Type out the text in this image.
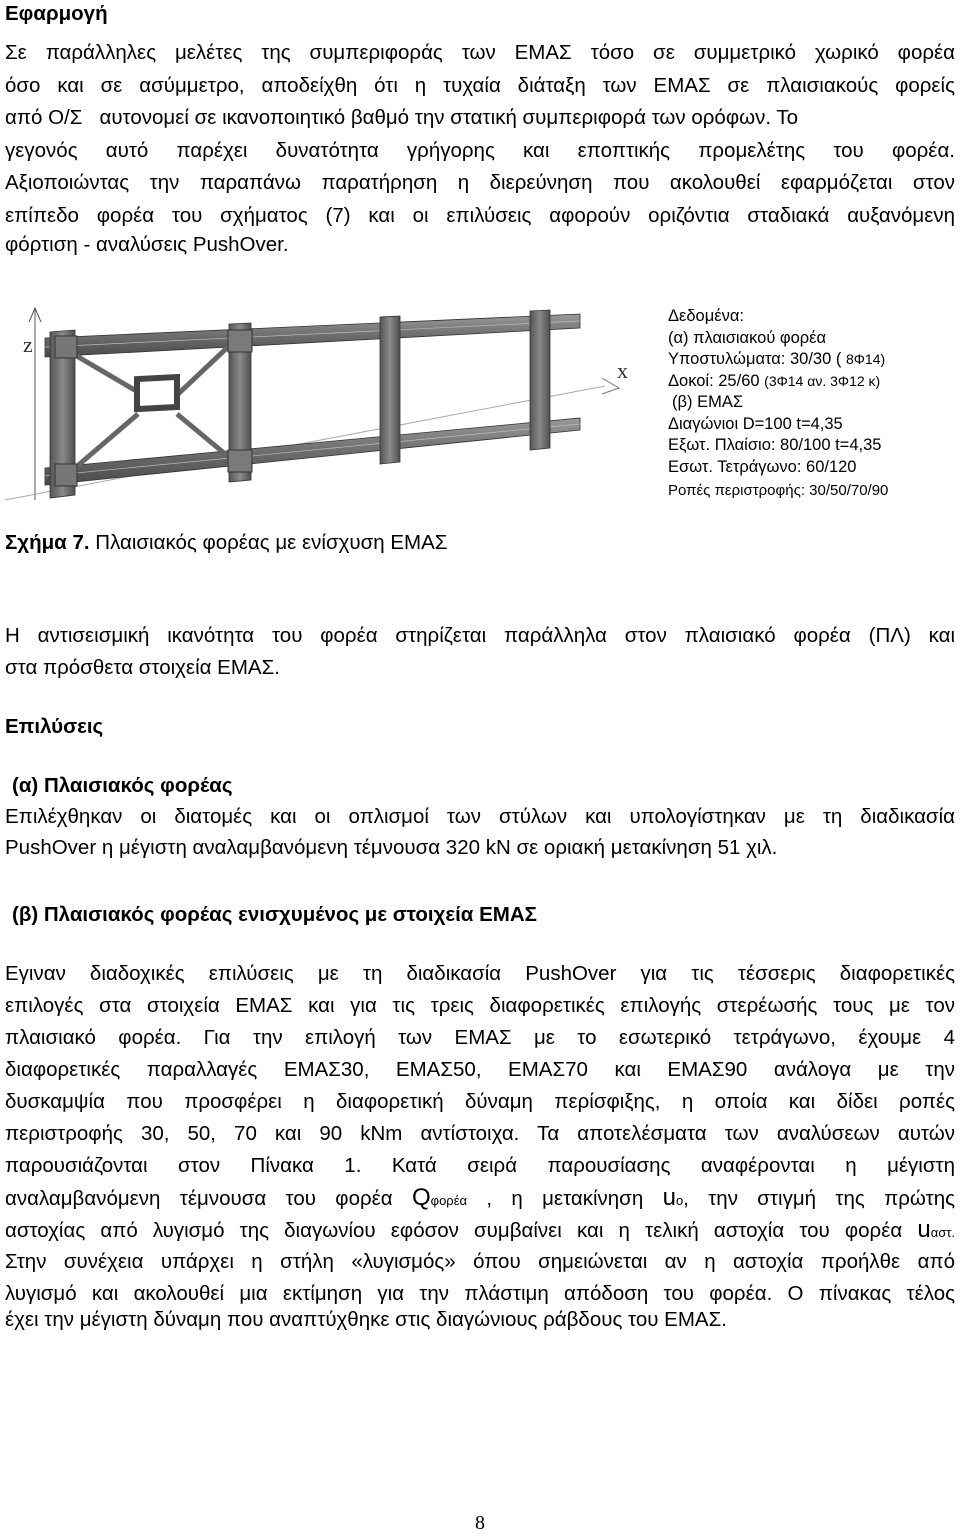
Εφαρμογή
Σε παράλληλες μελέτες της συμπεριφοράς των ΕΜΑΣ τόσο σε συμμετρικό χωρικό φορέα
όσο και σε ασύμμετρο, αποδείχθη ότι η τυχαία διάταξη των ΕΜΑΣ σε πλαισιακούς φορείς
από Ο/Σ   αυτονομεί σε ικανοποιητικό βαθμό την στατική συμπεριφορά των ορόφων. Το
γεγονός αυτό παρέχει δυνατότητα γρήγορης και εποπτικής προμελέτης του φορέα.
Αξιοποιώντας την παραπάνω παρατήρηση η διερεύνηση που ακολουθεί εφαρμόζεται στον
επίπεδο φορέα του σχήματος (7) και οι επιλύσεις αφορούν οριζόντια σταδιακά αυξανόμενη
φόρτιση - αναλύσεις PushOver.
z
x
Δεδομένα:
(α) πλαισιακού φορέα
Υποστυλώματα: 30/30 ( 8Φ14)
Δοκοί: 25/60 (3Φ14 αν. 3Φ12 κ)
(β) ΕΜΑΣ
Διαγώνιοι D=100 t=4,35
Εξωτ. Πλαίσιο: 80/100 t=4,35
Εσωτ. Τετράγωνο: 60/120
Ροπές περιστροφής: 30/50/70/90
Σχήμα 7. Πλαισιακός φορέας με ενίσχυση ΕΜΑΣ
Η αντισεισμική ικανότητα του φορέα στηρίζεται παράλληλα στον πλαισιακό φορέα (ΠΛ) και
στα πρόσθετα στοιχεία ΕΜΑΣ.
Επιλύσεις
(α) Πλαισιακός φορέας
Επιλέχθηκαν οι διατομές και οι οπλισμοί των στύλων και υπολογίστηκαν με τη διαδικασία
PushOver η μέγιστη αναλαμβανόμενη τέμνουσα 320 kN σε οριακή μετακίνηση 51 χιλ.
(β) Πλαισιακός φορέας ενισχυμένος με στοιχεία ΕΜΑΣ
Εγιναν διαδοχικές επιλύσεις με τη διαδικασία PushOver για τις τέσσερις διαφορετικές
επιλογές στα στοιχεία ΕΜΑΣ και για τις τρεις διαφορετικές επιλογής στερέωσής τους με τον
πλαισιακό φορέα. Για την επιλογή των ΕΜΑΣ με το εσωτερικό τετράγωνο, έχουμε 4
διαφορετικές παραλλαγές ΕΜΑΣ30, ΕΜΑΣ50, ΕΜΑΣ70 και ΕΜΑΣ90 ανάλογα με την
δυσκαμψία που προσφέρει η διαφορετική δύναμη περίσφιξης, η οποία και δίδει ροπές
περιστροφής 30, 50, 70 και 90 kNm αντίστοιχα. Τα αποτελέσματα των αναλύσεων αυτών
παρουσιάζονται στον Πίνακα 1. Κατά σειρά παρουσίασης αναφέρονται η μέγιστη
αναλαμβανόμενη τέμνουσα του φορέα Qφορέα , η μετακίνηση uo, την στιγμή της πρώτης
αστοχίας από λυγισμό της διαγωνίου εφόσον συμβαίνει και η τελική αστοχία του φορέα uαστ.
Στην συνέχεια υπάρχει η στήλη «λυγισμός» όπου σημειώνεται αν η αστοχία προήλθε από
λυγισμό και ακολουθεί μια εκτίμηση για την πλάστιμη απόδοση του φορέα. Ο πίνακας τέλος
έχει την μέγιστη δύναμη που αναπτύχθηκε στις διαγώνιους ράβδους του ΕΜΑΣ.
8
